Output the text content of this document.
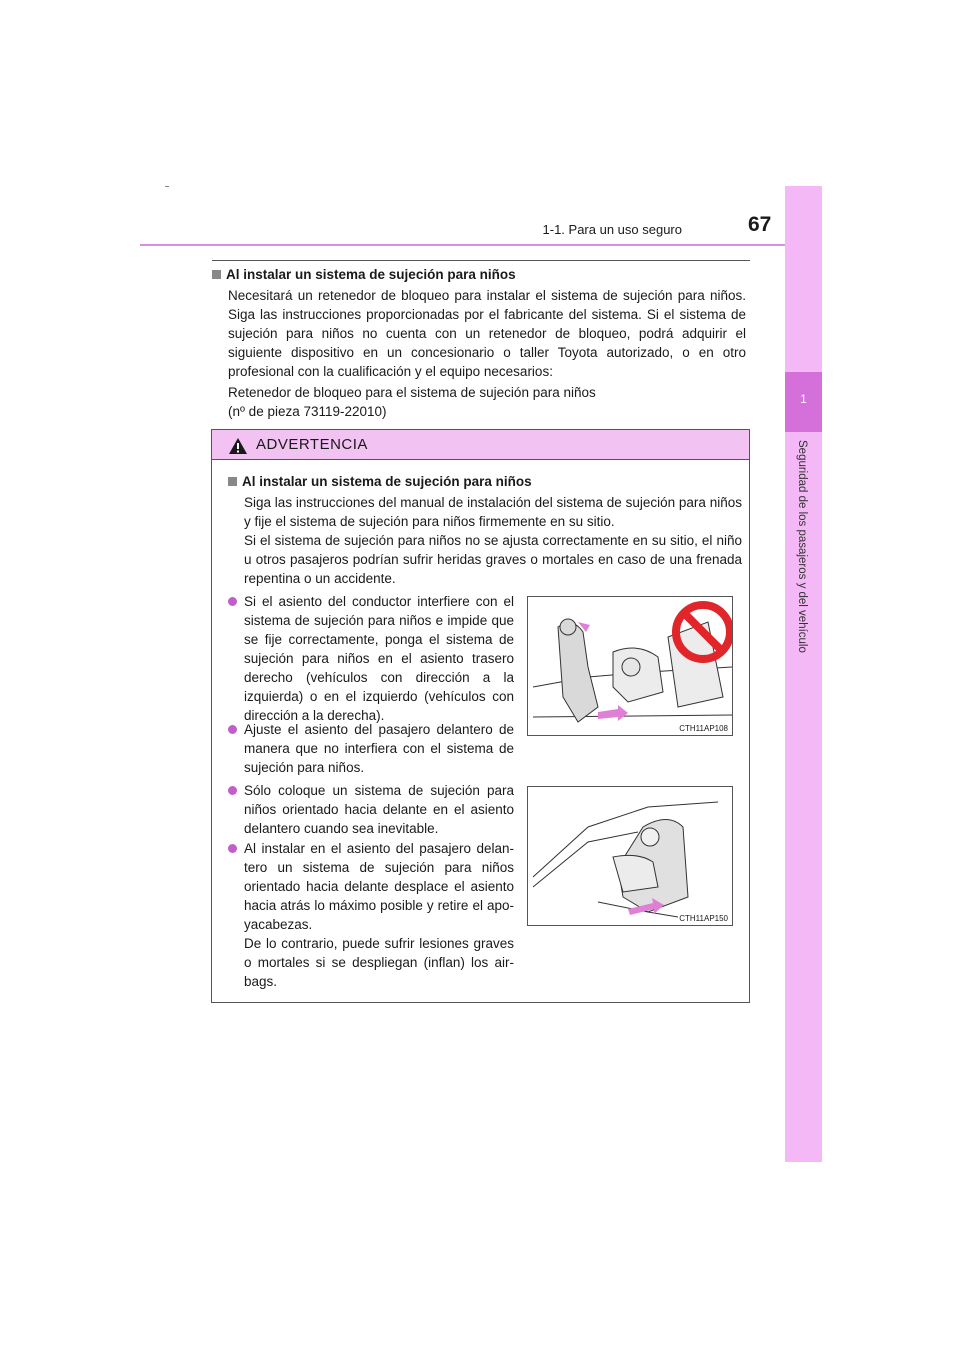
1-1. Para un uso seguro	67
1
Seguridad de los pasajeros y del vehículo
Al instalar un sistema de sujeción para niños
Necesitará un retenedor de bloqueo para instalar el sistema de sujeción para niños. Siga las instrucciones proporcionadas por el fabricante del sistema. Si el sistema de sujeción para niños no cuenta con un retenedor de bloqueo, podrá adquirir el siguiente dispositivo en un concesionario o taller Toyota autorizado, o en otro profesional con la cualificación y el equipo necesarios:
Retenedor de bloqueo para el sistema de sujeción para niños
(nº de pieza 73119-22010)
ADVERTENCIA
Al instalar un sistema de sujeción para niños
Siga las instrucciones del manual de instalación del sistema de sujeción para niños y fije el sistema de sujeción para niños firmemente en su sitio.
Si el sistema de sujeción para niños no se ajusta correctamente en su sitio, el niño u otros pasajeros podrían sufrir heridas graves o mortales en caso de una frenada repentina o un accidente.
Si el asiento del conductor interfiere con el sistema de sujeción para niños e impide que se fije correctamente, ponga el sistema de sujeción para niños en el asiento trasero derecho (vehículos con dirección a la izquierda) o en el izquierdo (vehículos con dirección a la derecha).
Ajuste el asiento del pasajero delantero de manera que no interfiera con el sistema de sujeción para niños.
Sólo coloque un sistema de sujeción para niños orientado hacia delante en el asiento delantero cuando sea inevitable.
Al instalar en el asiento del pasajero delan-tero un sistema de sujeción para niños orientado hacia delante desplace el asiento hacia atrás lo máximo posible y retire el apo-yacabezas.
De lo contrario, puede sufrir lesiones graves o mortales si se despliegan (inflan) los air-bags.
CTH11AP108
CTH11AP150
